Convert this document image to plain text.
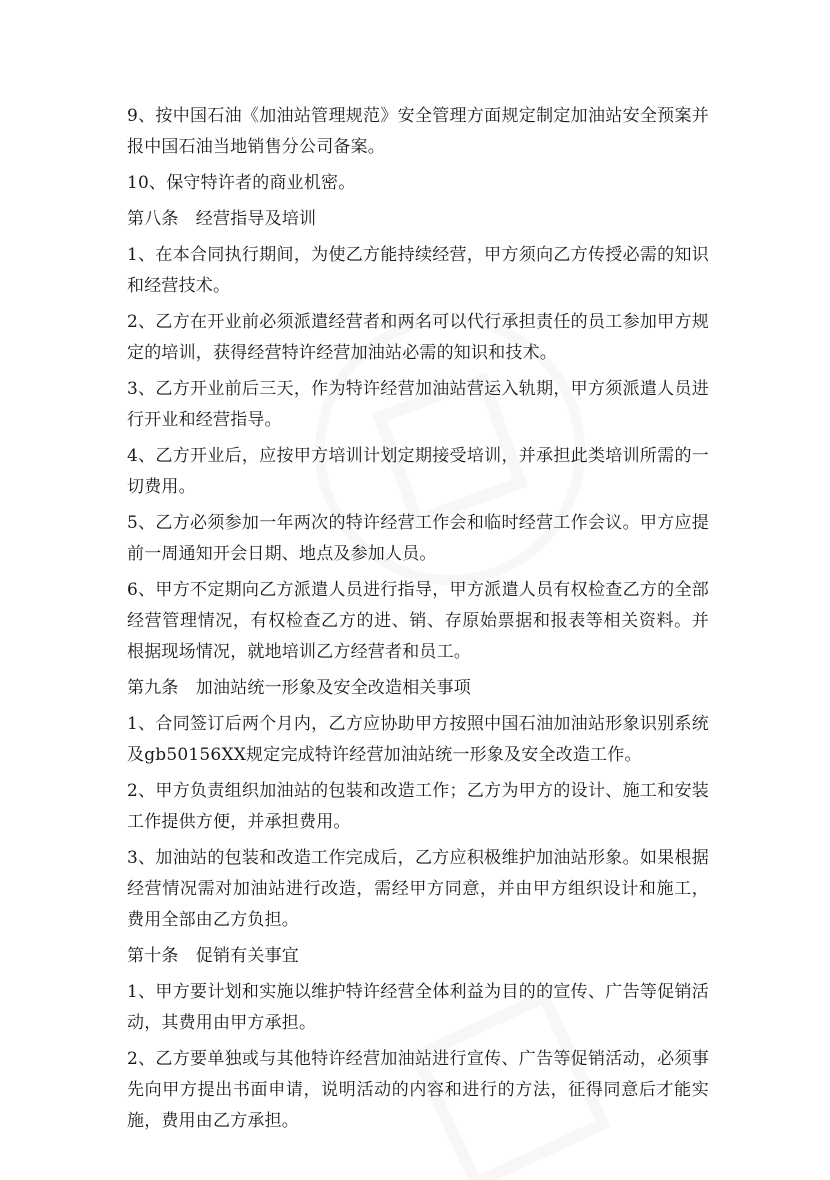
9、按中国石油《加油站管理规范》安全管理方面规定制定加油站安全预案并报中国石油当地销售分公司备案。

10、保守特许者的商业机密。

第八条　经营指导及培训

1、在本合同执行期间，为使乙方能持续经营，甲方须向乙方传授必需的知识和经营技术。

2、乙方在开业前必须派遣经营者和两名可以代行承担责任的员工参加甲方规定的培训，获得经营特许经营加油站必需的知识和技术。

3、乙方开业前后三天，作为特许经营加油站营运入轨期，甲方须派遣人员进行开业和经营指导。

4、乙方开业后，应按甲方培训计划定期接受培训，并承担此类培训所需的一切费用。

5、乙方必须参加一年两次的特许经营工作会和临时经营工作会议。甲方应提前一周通知开会日期、地点及参加人员。

6、甲方不定期向乙方派遣人员进行指导，甲方派遣人员有权检查乙方的全部经营管理情况，有权检查乙方的进、销、存原始票据和报表等相关资料。并根据现场情况，就地培训乙方经营者和员工。

第九条　加油站统一形象及安全改造相关事项

1、合同签订后两个月内，乙方应协助甲方按照中国石油加油站形象识别系统及gb50156XX规定完成特许经营加油站统一形象及安全改造工作。

2、甲方负责组织加油站的包装和改造工作；乙方为甲方的设计、施工和安装工作提供方便，并承担费用。

3、加油站的包装和改造工作完成后，乙方应积极维护加油站形象。如果根据经营情况需对加油站进行改造，需经甲方同意，并由甲方组织设计和施工，费用全部由乙方负担。

第十条　促销有关事宜

1、甲方要计划和实施以维护特许经营全体利益为目的的宣传、广告等促销活动，其费用由甲方承担。

2、乙方要单独或与其他特许经营加油站进行宣传、广告等促销活动，必须事先向甲方提出书面申请，说明活动的内容和进行的方法，征得同意后才能实施，费用由乙方承担。
